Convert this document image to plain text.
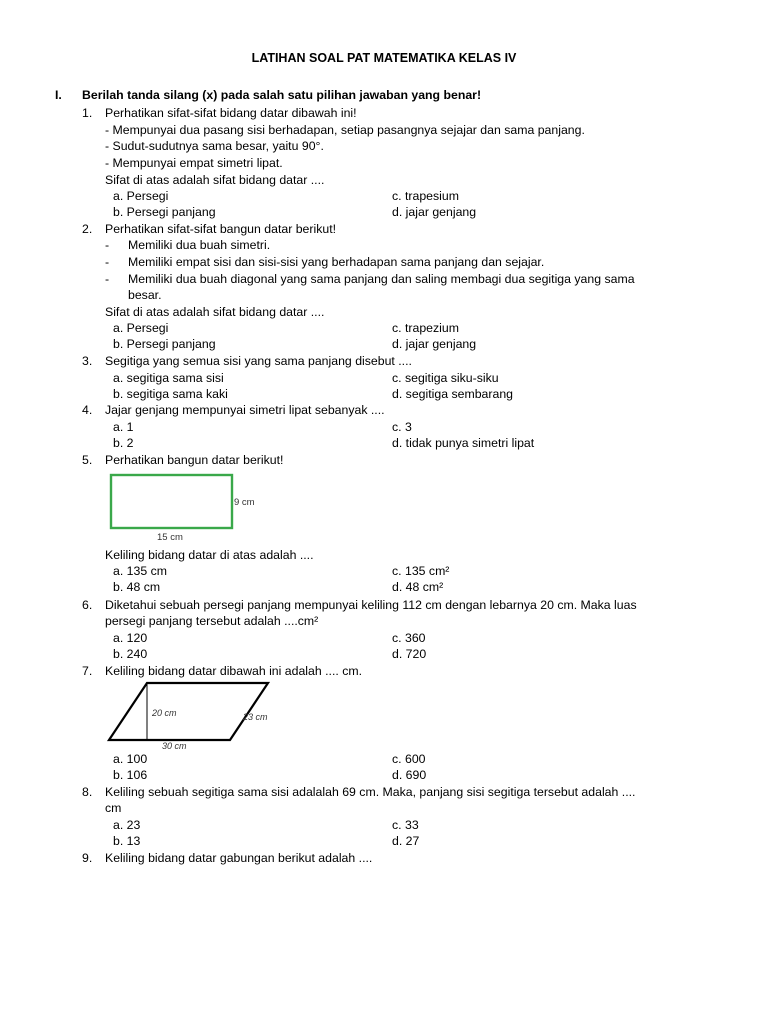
LATIHAN SOAL PAT MATEMATIKA KELAS IV
I. Berilah tanda silang (x) pada salah satu pilihan jawaban yang benar!
1. Perhatikan sifat-sifat bidang datar dibawah ini!
- Mempunyai dua pasang sisi berhadapan, setiap pasangnya sejajar dan sama panjang.
- Sudut-sudutnya sama besar, yaitu 90°.
- Mempunyai empat simetri lipat.
Sifat di atas adalah sifat bidang datar ....
a. Persegi	c. trapesium
b. Persegi panjang	d. jajar genjang
2. Perhatikan sifat-sifat bangun datar berikut!
- Memiliki dua buah simetri.
- Memiliki empat sisi dan sisi-sisi yang berhadapan sama panjang dan sejajar.
- Memiliki dua buah diagonal yang sama panjang dan saling membagi dua segitiga yang sama
besar.
Sifat di atas adalah sifat bidang datar ....
a. Persegi	c. trapezium
b. Persegi panjang	d. jajar genjang
3. Segitiga yang semua sisi yang sama panjang disebut ....
a. segitiga sama sisi	c. segitiga siku-siku
b. segitiga sama kaki	d. segitiga sembarang
4. Jajar genjang mempunyai simetri lipat sebanyak ....
a. 1	c. 3
b. 2	d. tidak punya simetri lipat
5. Perhatikan bangun datar berikut!
9 cm
15 cm
Keliling bidang datar di atas adalah ....
a. 135 cm	c. 135 cm²
b. 48 cm	d. 48 cm²
6. Diketahui sebuah persegi panjang mempunyai keliling 112 cm dengan lebarnya 20 cm. Maka luas
persegi panjang tersebut adalah ....cm²
a. 120	c. 360
b. 240	d. 720
7. Keliling bidang datar dibawah ini adalah .... cm.
20 cm	23 cm
30 cm
a. 100	c. 600
b. 106	d. 690
8. Keliling sebuah segitiga sama sisi adalalah 69 cm. Maka, panjang sisi segitiga tersebut adalah ....
cm
a. 23	c. 33
b. 13	d. 27
9. Keliling bidang datar gabungan berikut adalah ....
